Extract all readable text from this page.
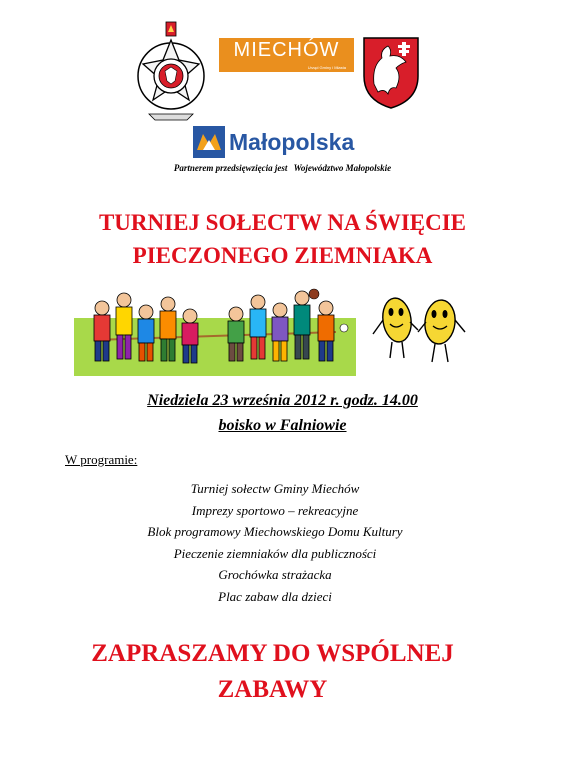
MIECHÓW
Urząd Gminy i Miasta
Małopolska
Partnerem przedsięwzięcia jest Województwo Małopolskie
TURNIEJ SOŁECTW NA ŚWIĘCIE
PIECZONEGO ZIEMNIAKA
Niedziela 23 września 2012 r. godz. 14.00
boisko w Falniowie
W programie:
Turniej sołectw Gminy Miechów
Imprezy sportowo – rekreacyjne
Blok programowy Miechowskiego Domu Kultury
Pieczenie ziemniaków dla publiczności
Grochówka strażacka
Plac zabaw dla dzieci
ZAPRASZAMY DO WSPÓLNEJ
ZABAWY
